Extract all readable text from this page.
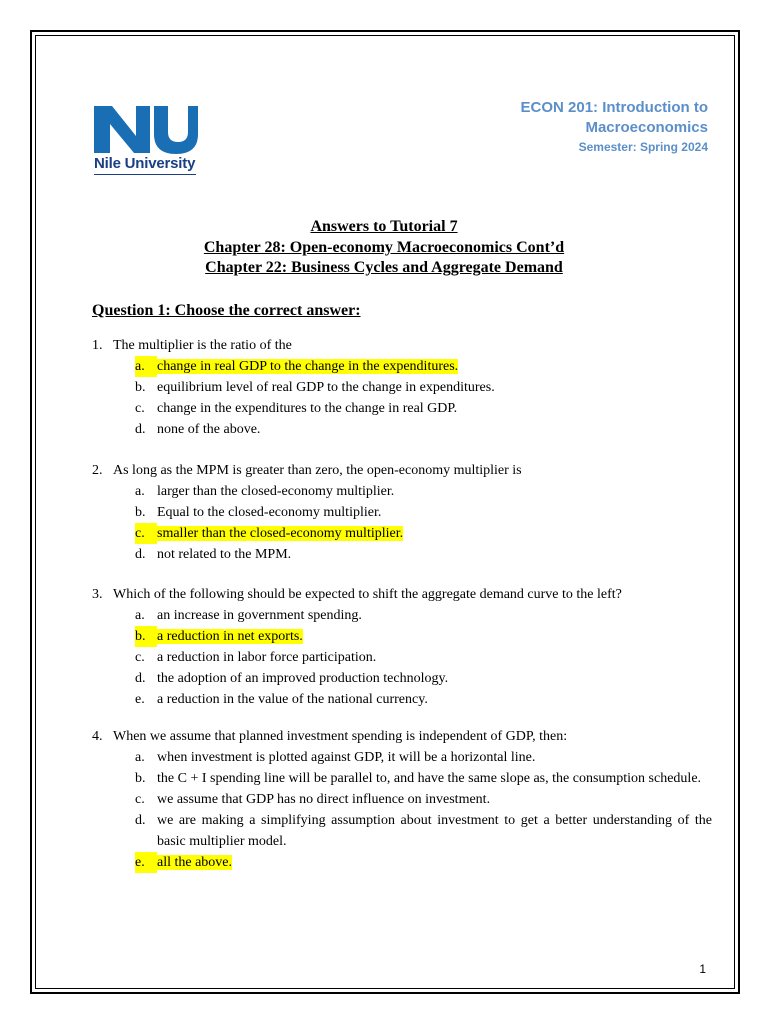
Nile University
ECON 201: Introduction to
Macroeconomics
Semester: Spring 2024
Answers to Tutorial 7
Chapter 28: Open-economy Macroeconomics Cont’d
Chapter 22: Business Cycles and Aggregate Demand
Question 1: Choose the correct answer:
1. The multiplier is the ratio of the
a. change in real GDP to the change in the expenditures.
b. equilibrium level of real GDP to the change in expenditures.
c. change in the expenditures to the change in real GDP.
d. none of the above.
2. As long as the MPM is greater than zero, the open-economy multiplier is
a. larger than the closed-economy multiplier.
b. Equal to the closed-economy multiplier.
c. smaller than the closed-economy multiplier.
d. not related to the MPM.
3. Which of the following should be expected to shift the aggregate demand curve to the left?
a. an increase in government spending.
b. a reduction in net exports.
c. a reduction in labor force participation.
d. the adoption of an improved production technology.
e. a reduction in the value of the national currency.
4. When we assume that planned investment spending is independent of GDP, then:
a. when investment is plotted against GDP, it will be a horizontal line.
b. the C + I spending line will be parallel to, and have the same slope as, the consumption schedule.
c. we assume that GDP has no direct influence on investment.
d. we are making a simplifying assumption about investment to get a better understanding of the basic multiplier model.
e. all the above.
1
